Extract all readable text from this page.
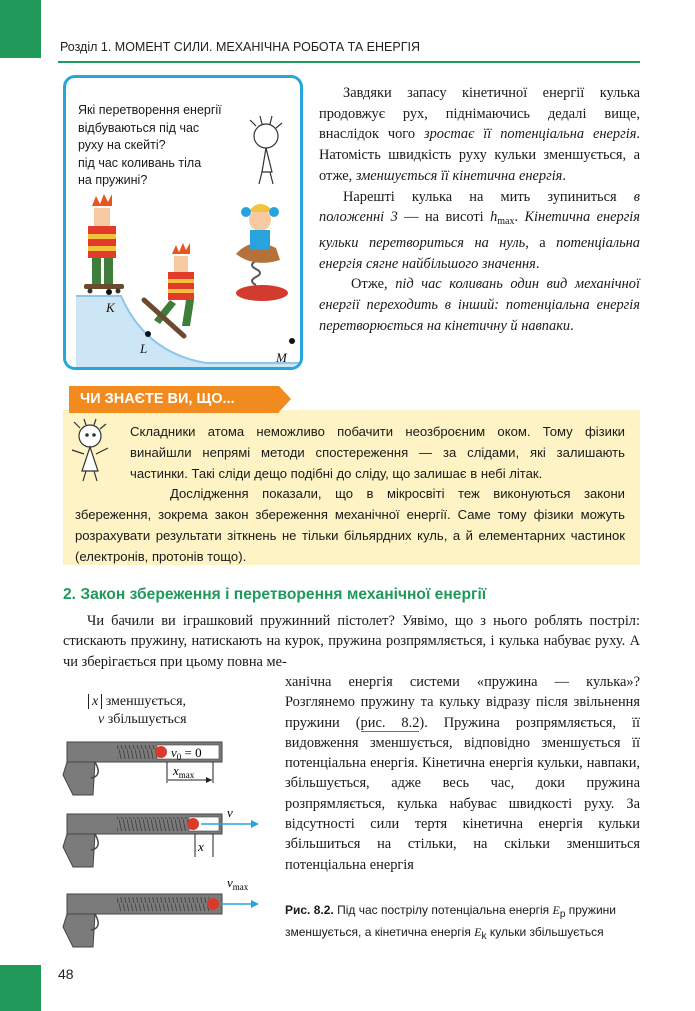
Розділ 1. МОМЕНТ СИЛИ. МЕХАНІЧНА РОБОТА ТА ЕНЕРГІЯ
Які перетворення енергії
відбуваються під час
руху на скейті?
під час коливань тіла
на пружині?
K
L
M

Завдяки запасу кінетичної енергії кулька продовжує рух, піднімаючись дедалі вище, внаслідок чого зростає її потенціальна енергія. Натомість швидкість руху кульки зменшується, а отже, зменшується її кінетична енергія.

Нарешті кулька на мить зупиниться в положенні 3 — на висоті $h_{max}$. Кінетична енергія кульки перетвориться на нуль, а потенціальна енергія сягне найбільшого значення.

Отже, під час коливань один вид механічної енергії переходить в інший: потенціальна енергія перетворюється на кінетичну й навпаки.

ЧИ ЗНАЄТЕ ВИ, ЩО...

Складники атома неможливо побачити неозброєним оком. Тому фізики винайшли непрямі методи спостереження — за слідами, які залишають частинки. Такі сліди дещо подібні до сліду, що залишає в небі літак.

Дослідження показали, що в мікросвіті теж виконуються закони збереження, зокрема закон збереження механічної енергії. Саме тому фізики можуть розрахувати результати зіткнень не тільки більярдних куль, а й елементарних частинок (електронів, протонів тощо).

2. Закон збереження і перетворення механічної енергії

Чи бачили ви іграшковий пружинний пістолет? Уявімо, що з нього роблять постріл: стискають пружину, натискають на курок, пружина розпрямляється, і кулька набуває руху. А чи зберігається при цьому повна ме-

ханічна енергія системи «пружина — кулька»? Розглянемо пружину та кульку відразу після звільнення пружини (рис. 8.2). Пружина розпрямляється, її видовження зменшується, відповідно зменшується її потенціальна енергія. Кінетична енергія кульки, навпаки, збільшується, адже весь час, доки пружина розпрямляється, кулька набуває швидкості руху. За відсутності сили тертя кінетична енергія кульки збільшиться на стільки, на скільки зменшиться потенціальна енергія

x зменшується,
v збільшується
$v_0 = 0$
$x_{max}$
v
x
$v_{max}$
Рис. 8.2. Під час пострілу потенціальна енергія $E_p$ пружини зменшується, а кінетична енергія $E_k$ кульки збільшується
48
